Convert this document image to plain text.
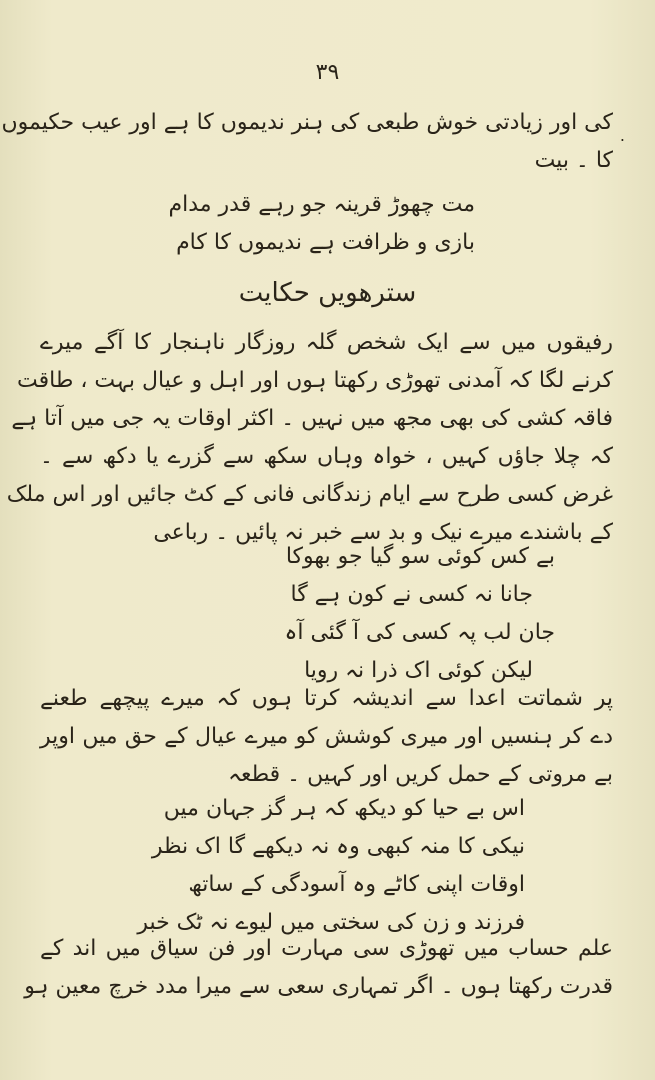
۳۹
.
کی اور زیادتی خوش طبعی کی ہنر ندیموں کا ہے اور عیب حکیموں
کا ۔ بیت
مت چھوڑ قرینہ جو رہے قدر مدام
بازی و ظرافت ہے ندیموں کا کام
سترھویں حکایت
رفیقوں میں سے ایک شخص گلہ روزگار ناہنجار کا آگے میرے
کرنے لگا کہ آمدنی تھوڑی رکھتا ہوں اور اہل و عیال بہت ، طاقت
فاقہ کشی کی بھی مجھ میں نہیں ۔ اکثر اوقات یہ جی میں آتا ہے
کہ چلا جاؤں کہیں ، خواہ وہاں سکھ سے گزرے یا دکھ سے ۔
غرض کسی طرح سے ایام زندگانی فانی کے کٹ جائیں اور اس ملک
کے باشندے میرے نیک و بد سے خبر نہ پائیں ۔ رباعی
بے کس کوئی سو گیا جو بھوکا
جانا نہ کسی نے کون ہے گا
جان لب پہ کسی کی آ گئی آہ
لیکن کوئی اک ذرا نہ رویا
پر شماتت اعدا سے اندیشہ کرتا ہوں کہ میرے پیچھے طعنے
دے کر ہنسیں اور میری کوشش کو میرے عیال کے حق میں اوپر
بے مروتی کے حمل کریں اور کہیں ۔ قطعہ
اس بے حیا کو دیکھ کہ ہر گز جہان میں
نیکی کا منہ کبھی وہ نہ دیکھے گا اک نظر
اوقات اپنی کاٹے وہ آسودگی کے ساتھ
فرزند و زن کی سختی میں لیوے نہ ٹک خبر
علم حساب میں تھوڑی سی مہارت اور فن سیاق میں اند کے
قدرت رکھتا ہوں ۔ اگر تمہاری سعی سے میرا مدد خرچ معین ہو
